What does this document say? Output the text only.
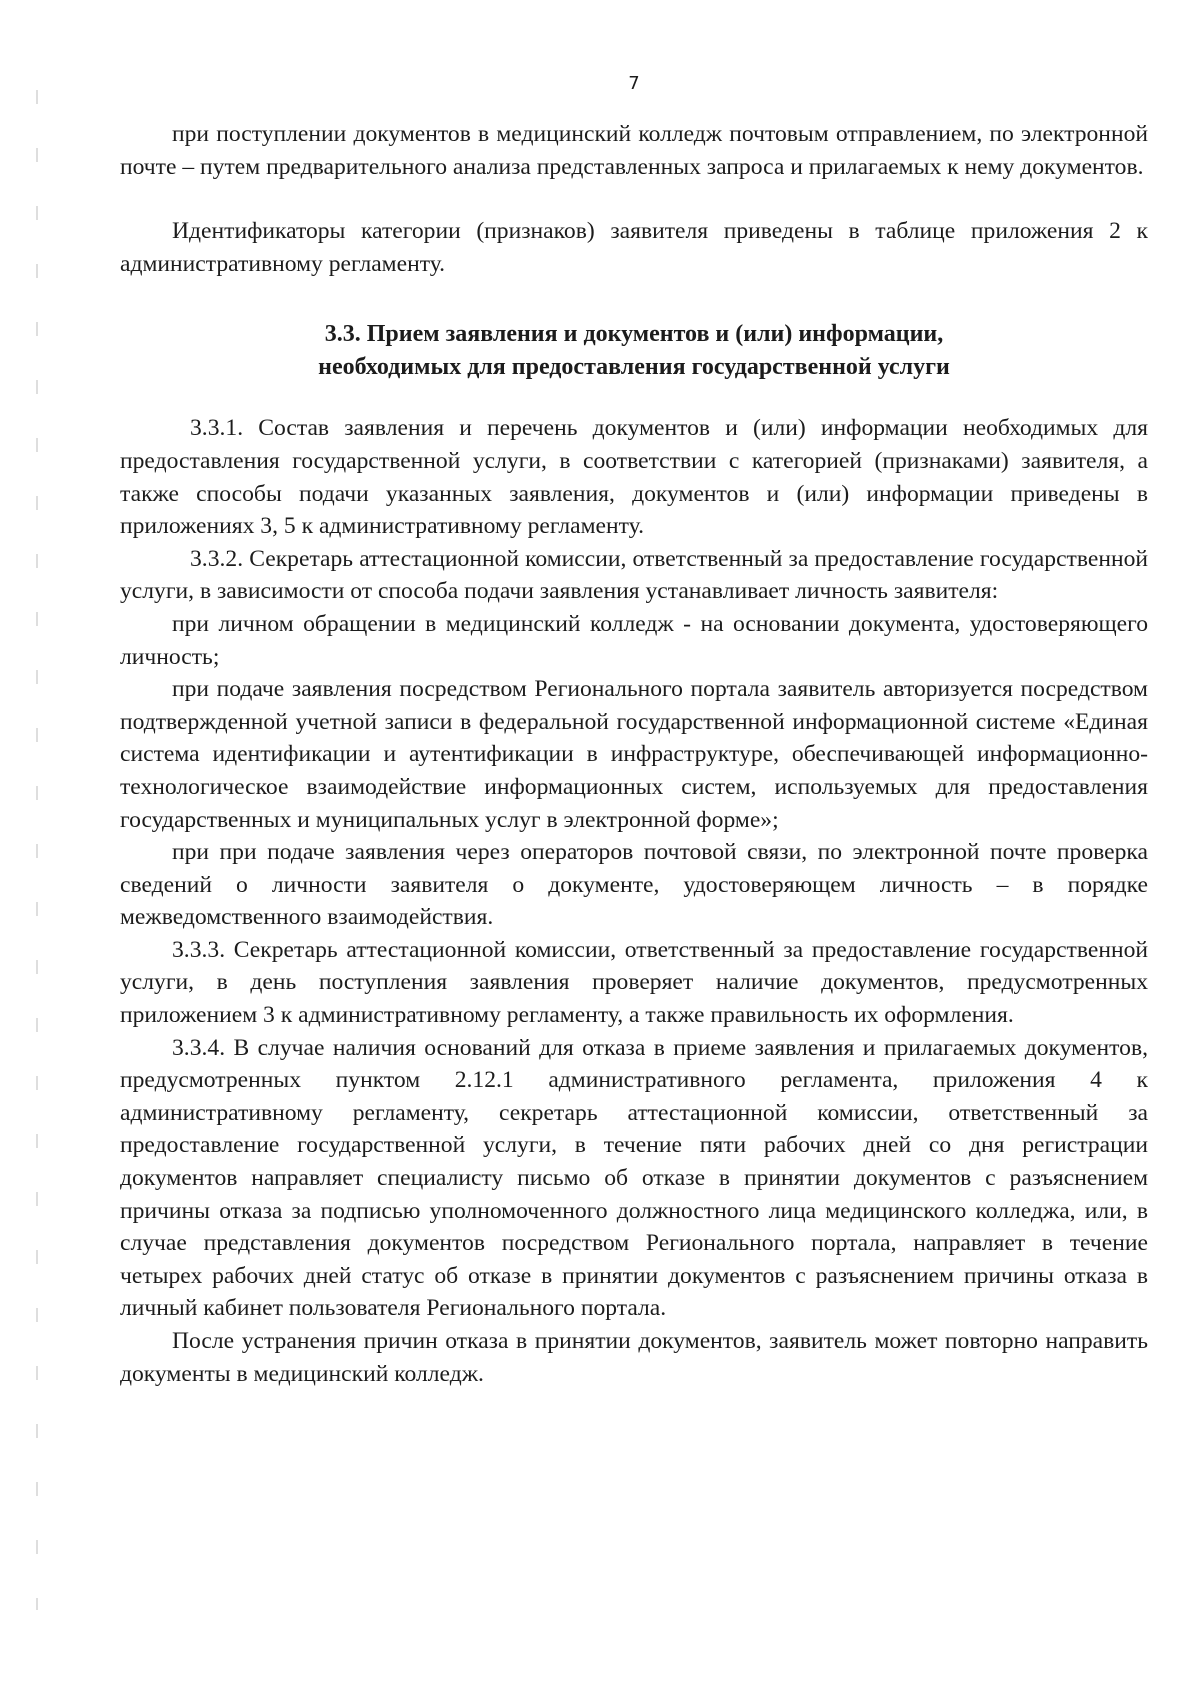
7

при поступлении документов в медицинский колледж почтовым отправлением, по электронной почте – путем предварительного анализа представленных запроса и прилагаемых к нему документов.

Идентификаторы категории (признаков) заявителя приведены в таблице приложения 2 к административному регламенту.

3.3. Прием заявления и документов и (или) информации,
необходимых для предоставления государственной услуги

3.3.1. Состав заявления и перечень документов и (или) информации необходимых для предоставления государственной услуги, в соответствии с категорией (признаками) заявителя, а также способы подачи указанных заявления, документов и (или) информации приведены в приложениях 3, 5 к административному регламенту.

3.3.2. Секретарь аттестационной комиссии, ответственный за предоставление государственной услуги, в зависимости от способа подачи заявления устанавливает личность заявителя:

при личном обращении в медицинский колледж - на основании документа, удостоверяющего личность;

при подаче заявления посредством Регионального портала заявитель авторизуется посредством подтвержденной учетной записи в федеральной государственной информационной системе «Единая система идентификации и аутентификации в инфраструктуре, обеспечивающей информационно-технологическое взаимодействие информационных систем, используемых для предоставления государственных и муниципальных услуг в электронной форме»;

при при подаче заявления через операторов почтовой связи, по электронной почте проверка сведений о личности заявителя о документе, удостоверяющем личность – в порядке межведомственного взаимодействия.

3.3.3. Секретарь аттестационной комиссии, ответственный за предоставление государственной услуги, в день поступления заявления проверяет наличие документов, предусмотренных приложением 3 к административному регламенту, а также правильность их оформления.

3.3.4. В случае наличия оснований для отказа в приеме заявления и прилагаемых документов, предусмотренных пунктом 2.12.1 административного регламента, приложения 4 к административному регламенту, секретарь аттестационной комиссии, ответственный за предоставление государственной услуги, в течение пяти рабочих дней со дня регистрации документов направляет специалисту письмо об отказе в принятии документов с разъяснением причины отказа за подписью уполномоченного должностного лица медицинского колледжа, или, в случае представления документов посредством Регионального портала, направляет в течение четырех рабочих дней статус об отказе в принятии документов с разъяснением причины отказа в личный кабинет пользователя Регионального портала.

После устранения причин отказа в принятии документов, заявитель может повторно направить документы в медицинский колледж.
